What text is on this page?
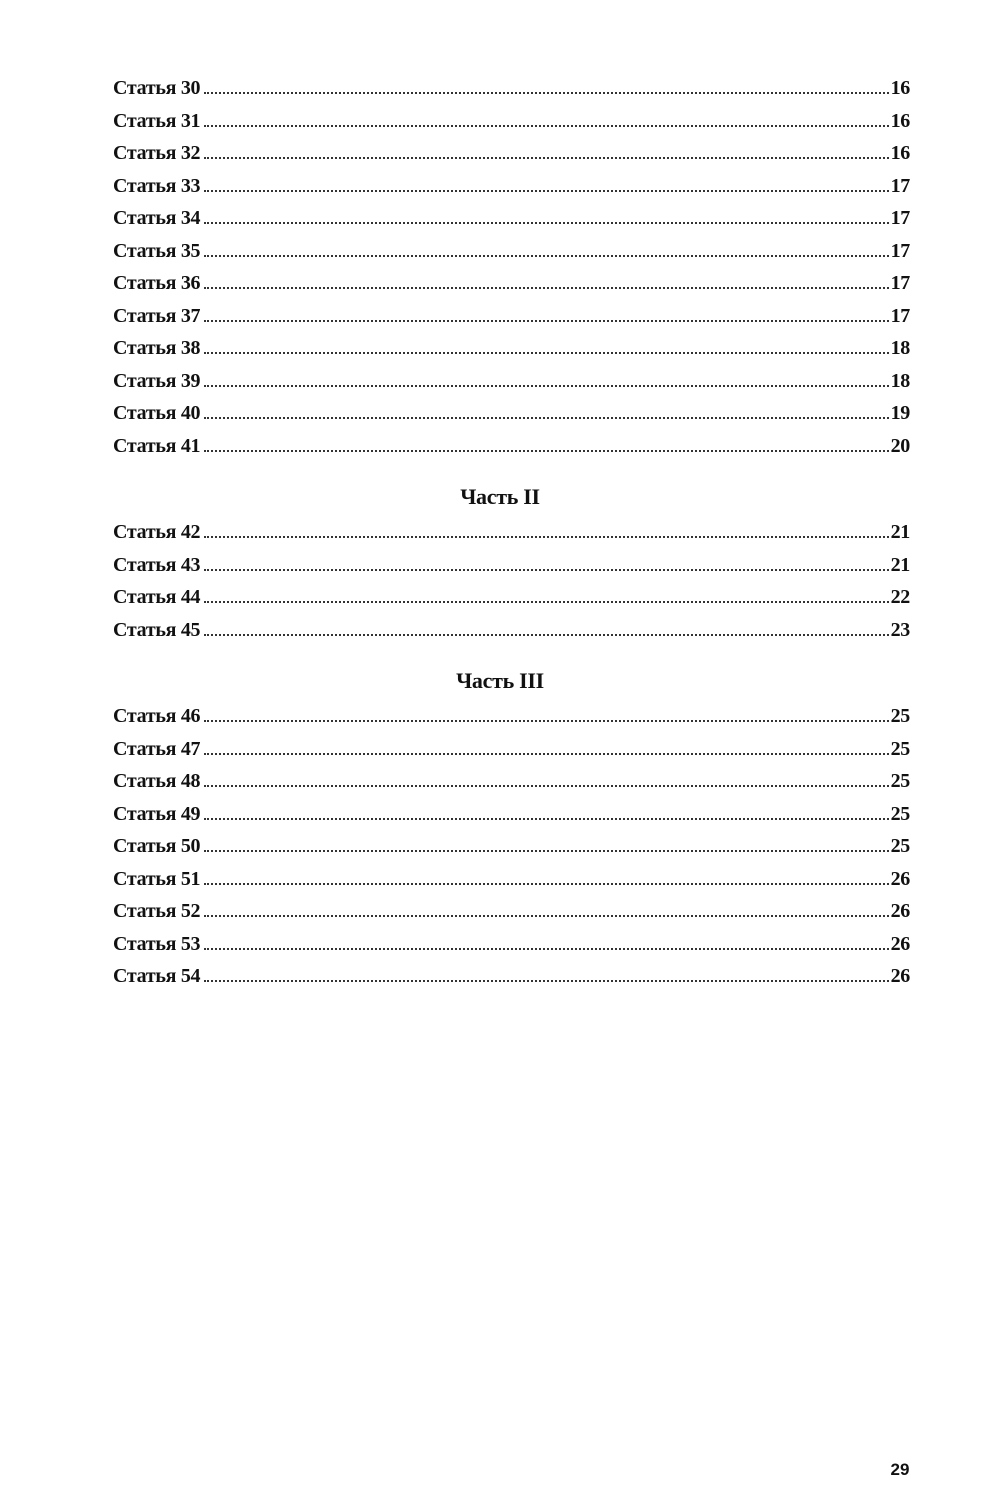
Статья 30	16
Статья 31	16
Статья 32	16
Статья 33	17
Статья 34	17
Статья 35	17
Статья 36	17
Статья 37	17
Статья 38	18
Статья 39	18
Статья 40	19
Статья 41	20
Часть II
Статья 42	21
Статья 43	21
Статья 44	22
Статья 45	23
Часть III
Статья 46	25
Статья 47	25
Статья 48	25
Статья 49	25
Статья 50	25
Статья 51	26
Статья 52	26
Статья 53	26
Статья 54	26
29
